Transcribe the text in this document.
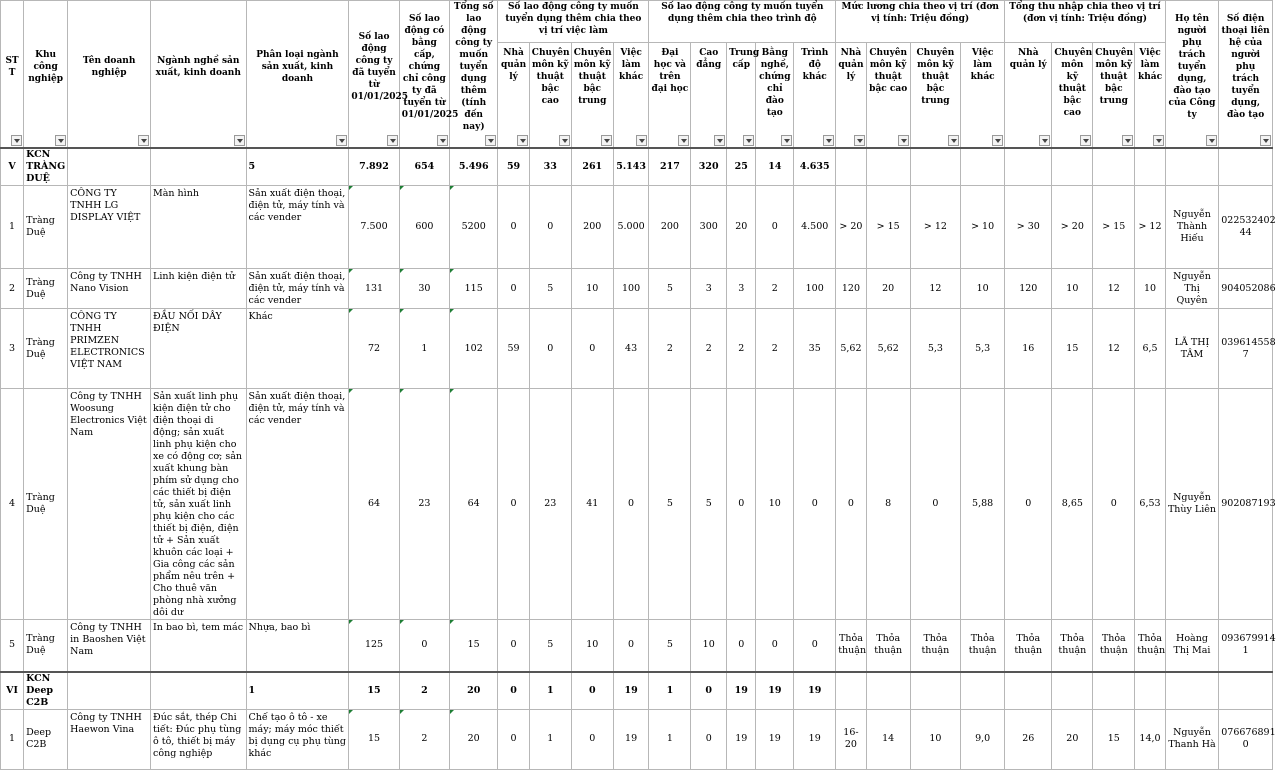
ST T	Khu công nghiệp	Tên doanh nghiệp	Ngành nghề sản xuất, kinh doanh	Phân loại ngành sản xuất, kinh doanh	Số lao động công ty đã tuyển từ 01/01/2025	Số lao động có bằng cấp, chứng chỉ công ty đã tuyển từ 01/01/2025	Tổng số lao động công ty muốn tuyển dụng thêm (tính đến nay)	Số lao động công ty muốn tuyển dụng thêm chia theo vị trí việc làm				Số lao động công ty muốn tuyển dụng thêm chia theo trình độ					Mức lương chia theo vị trí (đơn vị tính: Triệu đồng)				Tổng thu nhập chia theo vị trí (đơn vị tính: Triệu đồng)				Họ tên người phụ trách tuyển dụng, đào tạo của Công ty	Số điện thoại liên hệ của người phụ trách tuyển dụng, đào tạo

								Nhà quản lý	Chuyên môn kỹ thuật bậc cao	Chuyên môn kỹ thuật bậc trung	Việc làm khác	Đại học và trên đại học	Cao đẳng	Trung cấp	Bằng nghề, chứng chỉ đào tạo	Trình độ khác	Nhà quản lý	Chuyên môn kỹ thuật bậc cao	Chuyên môn kỹ thuật bậc trung	Việc làm khác	Nhà quản lý	Chuyên môn kỹ thuật bậc cao	Chuyên môn kỹ thuật bậc trung	Việc làm khác		

V	KCN TRÀNG DUỆ			5	7.892	654	5.496	59	33	261	5.143	217	320	25	14	4.635										
1	Tràng Duệ	CÔNG TY TNHH LG DISPLAY VIỆT	Màn hình	Sản xuất điện thoại, điện tử, máy tính và các vender	7.500	600	5200	0	0	200	5.000	200	300	20	0	4.500	> 20	> 15	> 12	> 10	> 30	> 20	> 15	> 12	Nguyễn Thành Hiếu	022532402 44
2	Tràng Duệ	Công ty TNHH Nano Vision	Linh kiện điện tử	Sản xuất điện thoại, điện tử, máy tính và các vender	131	30	115	0	5	10	100	5	3	3	2	100	120	20	12	10	120	10	12	10	Nguyễn Thị Quyên	904052086
3	Tràng Duệ	CÔNG TY TNHH PRIMZEN ELECTRONICS VIỆT NAM	ĐẦU NỐI DÂY ĐIỆN	Khác	72	1	102	59	0	0	43	2	2	2	2	35	5,62	5,62	5,3	5,3	16	15	12	6,5	LÃ THỊ TÂM	039614558 7
4	Tràng Duệ	Công ty TNHH Woosung Electronics Việt Nam	Sản xuất linh phụ kiện điện tử cho điện thoại di động; sản xuất linh phụ kiện cho xe có động cơ; sản xuất khung bàn phím sử dụng cho các thiết bị điện tử, sản xuất linh phụ kiện cho các thiết bị điện, điện tử + Sản xuất khuôn các loại + Gia công các sản phẩm nêu trên + Cho thuê văn phòng nhà xưởng dôi dư	Sản xuất điện thoại, điện tử, máy tính và các vender	64	23	64	0	23	41	0	5	5	0	10	0	0	8	0	5,88	0	8,65	0	6,53	Nguyễn Thùy Liên	902087193
5	Tràng Duệ	Công ty TNHH in Baoshen Việt Nam	In bao bì, tem mác	Nhựa, bao bì	125	0	15	0	5	10	0	5	10	0	0	0	Thỏa thuận	Thỏa thuận	Thỏa thuận	Thỏa thuận	Thỏa thuận	Thỏa thuận	Thỏa thuận	Thỏa thuận	Hoàng Thị Mai	093679914 1
VI	KCN Deep C2B			1	15	2	20	0	1	0	19	1	0	19	19	19										
1	Deep C2B	Công ty TNHH Haewon Vina	Đúc sắt, thép Chi tiết: Đúc phụ tùng ô tô, thiết bị máy công nghiệp	Chế tạo ô tô - xe máy; máy móc thiết bị dụng cụ phụ tùng khác	15	2	20	0	1	0	19	1	0	19	19	19	16-20	14	10	9,0	26	20	15	14,0	Nguyễn Thanh Hà	076676891 0
